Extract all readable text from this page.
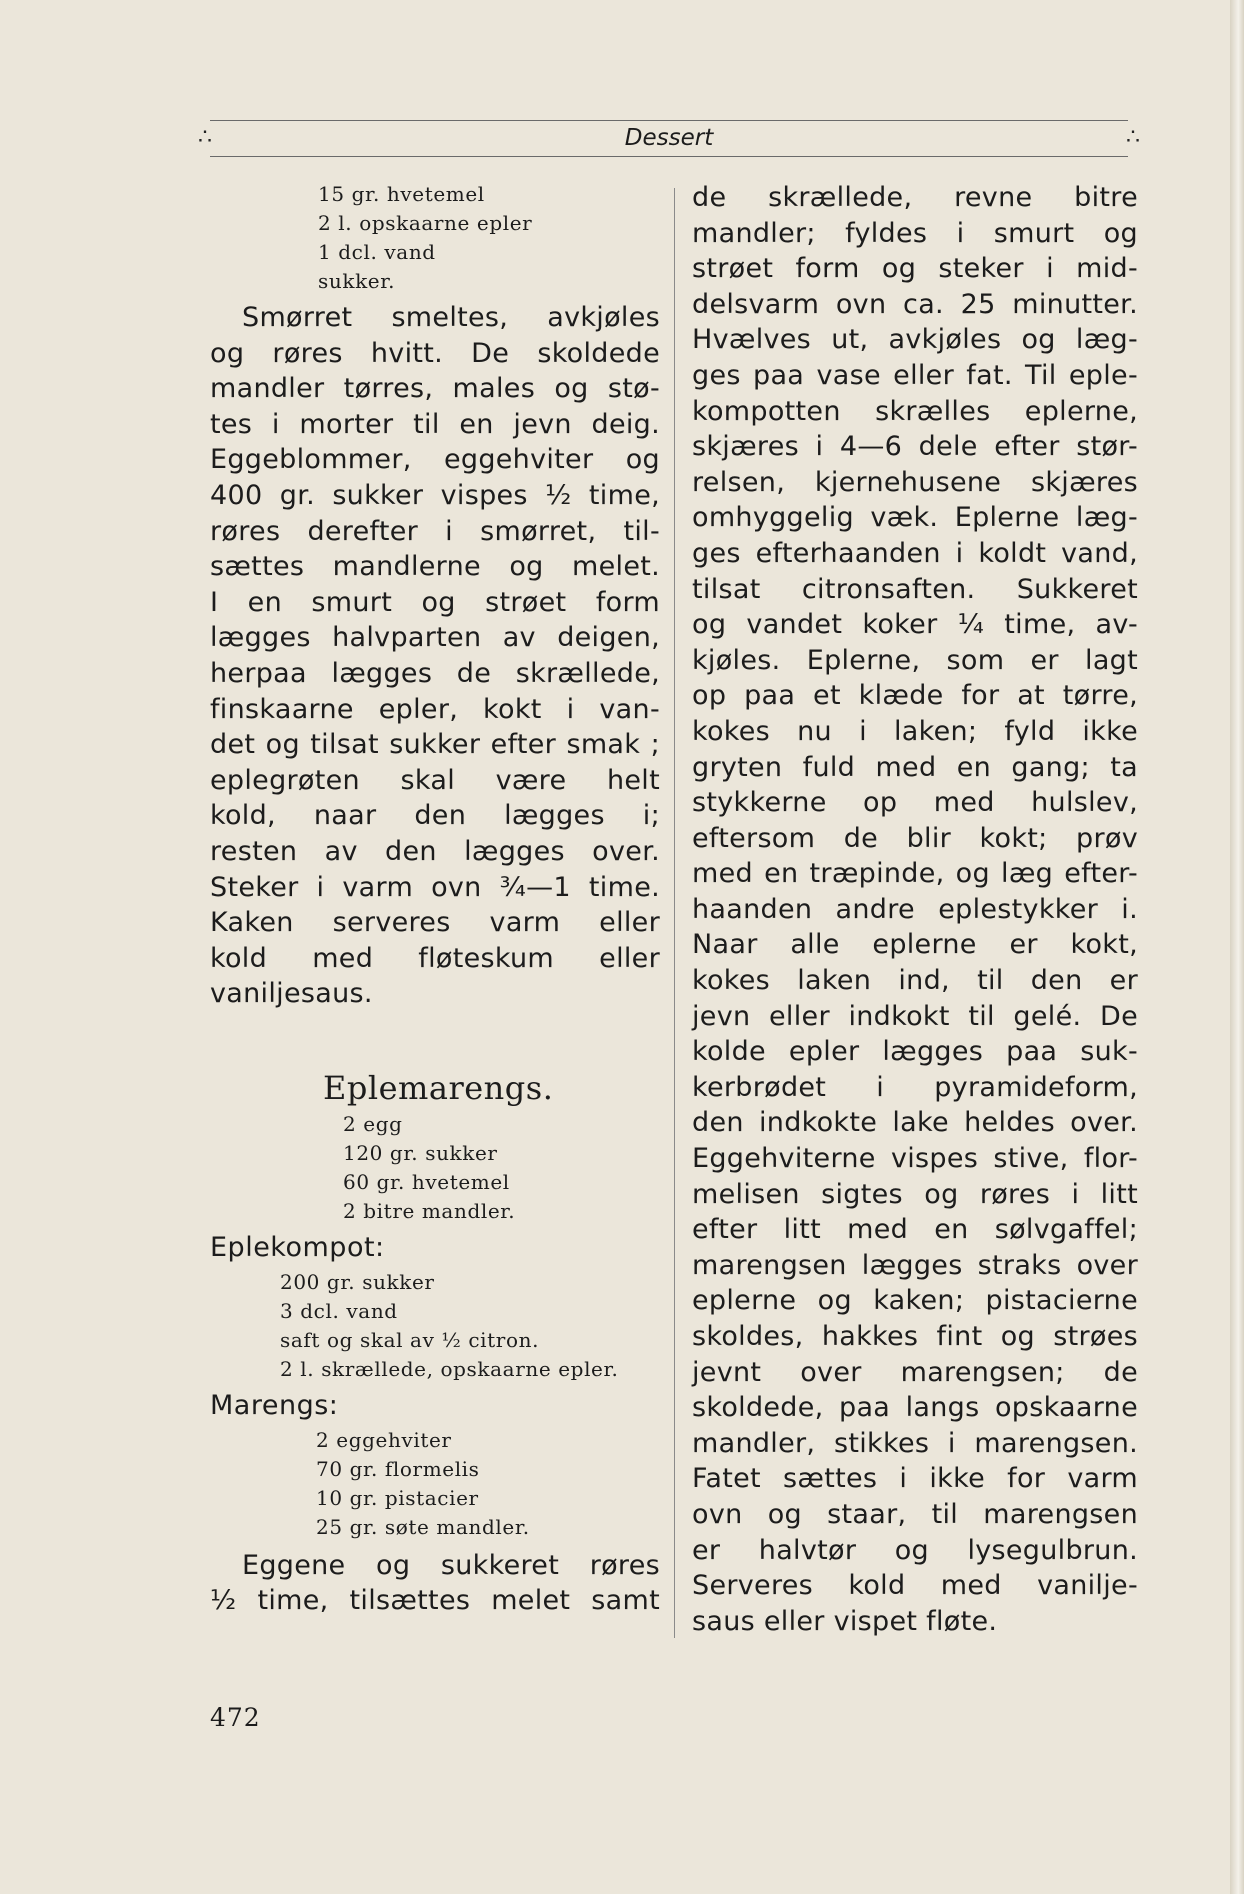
∴	Dessert	∴
15 gr. hvetemel
2 l. opskaarne epler
1 dcl. vand
sukker.
Smørret smeltes, avkjøles
og røres hvitt. De skoldede
mandler tørres, males og stø-
tes i morter til en jevn deig.
Eggeblommer, eggehviter og
400 gr. sukker vispes ½ time,
røres derefter i smørret, til-
sættes mandlerne og melet.
I en smurt og strøet form
lægges halvparten av deigen,
herpaa lægges de skrællede,
finskaarne epler, kokt i van-
det og tilsat sukker efter smak ;
eplegrøten skal være helt
kold, naar den lægges i;
resten av den lægges over.
Steker i varm ovn ¾—1 time.
Kaken serveres varm eller
kold med fløteskum eller
vaniljesaus.
Eplemarengs.
2 egg
120 gr. sukker
60 gr. hvetemel
2 bitre mandler.
Eplekompot:
200 gr. sukker
3 dcl. vand
saft og skal av ½ citron.
2 l. skrællede, opskaarne epler.
Marengs:
2 eggehviter
70 gr. flormelis
10 gr. pistacier
25 gr. søte mandler.
Eggene og sukkeret røres
½ time, tilsættes melet samt
de skrællede, revne bitre
mandler; fyldes i smurt og
strøet form og steker i mid-
delsvarm ovn ca. 25 minutter.
Hvælves ut, avkjøles og læg-
ges paa vase eller fat. Til eple-
kompotten skrælles eplerne,
skjæres i 4—6 dele efter stør-
relsen, kjernehusene skjæres
omhyggelig væk. Eplerne læg-
ges efterhaanden i koldt vand,
tilsat citronsaften. Sukkeret
og vandet koker ¼ time, av-
kjøles. Eplerne, som er lagt
op paa et klæde for at tørre,
kokes nu i laken; fyld ikke
gryten fuld med en gang; ta
stykkerne op med hulslev,
eftersom de blir kokt; prøv
med en træpinde, og læg efter-
haanden andre eplestykker i.
Naar alle eplerne er kokt,
kokes laken ind, til den er
jevn eller indkokt til gelé. De
kolde epler lægges paa suk-
kerbrødet i pyramideform,
den indkokte lake heldes over.
Eggehviterne vispes stive, flor-
melisen sigtes og røres i litt
efter litt med en sølvgaffel;
marengsen lægges straks over
eplerne og kaken; pistacierne
skoldes, hakkes fint og strøes
jevnt over marengsen; de
skoldede, paa langs opskaarne
mandler, stikkes i marengsen.
Fatet sættes i ikke for varm
ovn og staar, til marengsen
er halvtør og lysegulbrun.
Serveres kold med vanilje-
saus eller vispet fløte.
472
